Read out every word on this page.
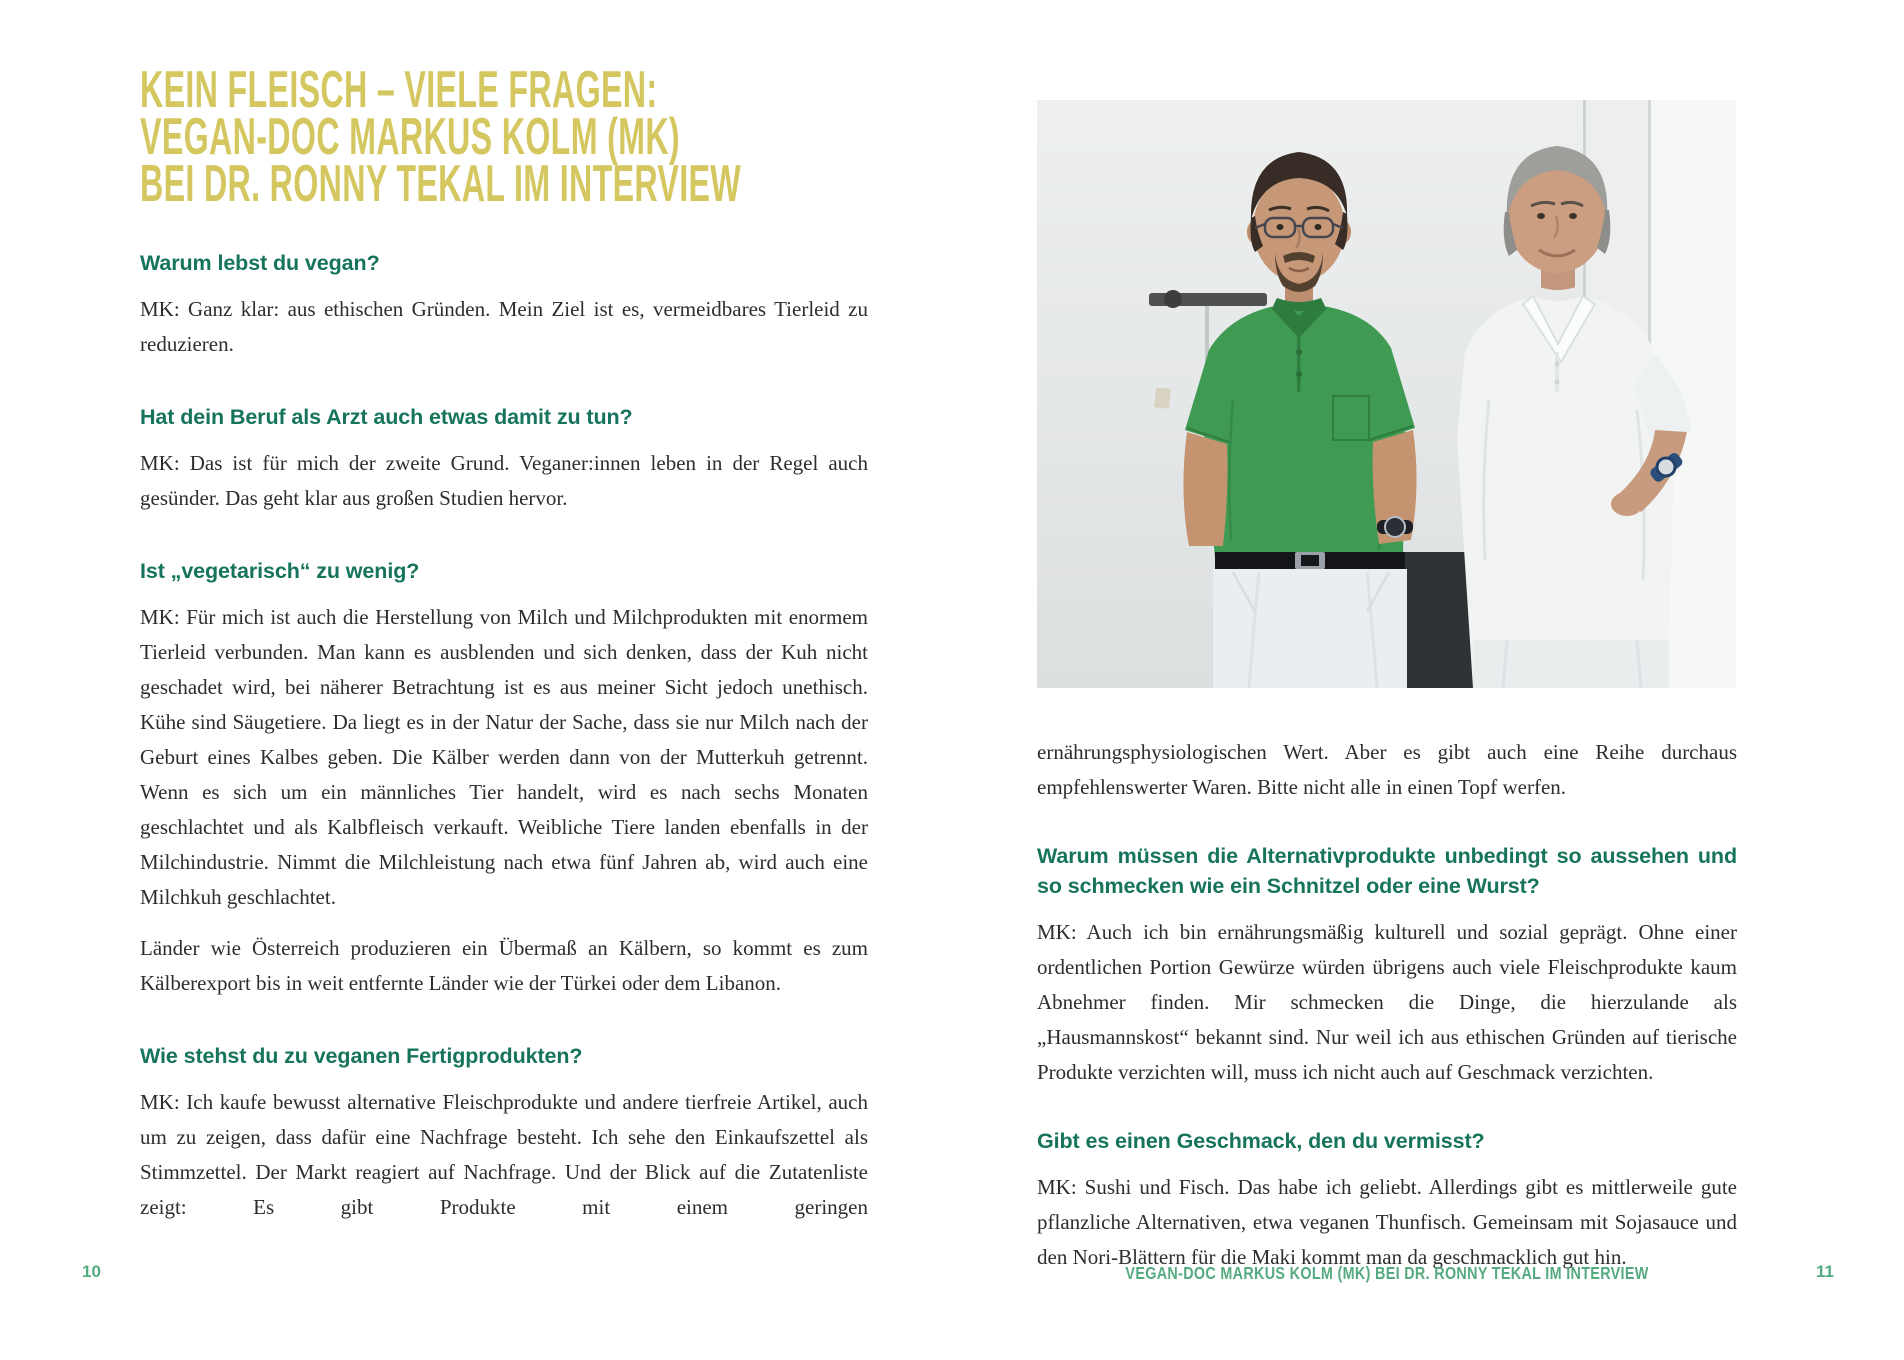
KEIN FLEISCH – VIELE FRAGEN:
VEGAN-DOC MARKUS KOLM (MK)
BEI DR. RONNY TEKAL IM INTERVIEW
Warum lebst du vegan?
MK: Ganz klar: aus ethischen Gründen. Mein Ziel ist es, vermeidbares Tierleid zu reduzieren.
Hat dein Beruf als Arzt auch etwas damit zu tun?
MK: Das ist für mich der zweite Grund. Veganer:innen leben in der Regel auch gesünder. Das geht klar aus großen Studien hervor.
Ist „vegetarisch“ zu wenig?
MK: Für mich ist auch die Herstellung von Milch und Milchprodukten mit enormem Tierleid verbunden. Man kann es ausblenden und sich denken, dass der Kuh nicht geschadet wird, bei näherer Betrachtung ist es aus meiner Sicht jedoch unethisch. Kühe sind Säugetiere. Da liegt es in der Natur der Sache, dass sie nur Milch nach der Geburt eines Kalbes geben. Die Kälber werden dann von der Mutterkuh getrennt. Wenn es sich um ein männliches Tier handelt, wird es nach sechs Monaten geschlachtet und als Kalbfleisch verkauft. Weibliche Tiere landen ebenfalls in der Milchindustrie. Nimmt die Milchleistung nach etwa fünf Jahren ab, wird auch eine Milchkuh geschlachtet.
Länder wie Österreich produzieren ein Übermaß an Kälbern, so kommt es zum Kälberexport bis in weit entfernte Länder wie der Türkei oder dem Libanon.
Wie stehst du zu veganen Fertigprodukten?
MK: Ich kaufe bewusst alternative Fleischprodukte und andere tierfreie Artikel, auch um zu zeigen, dass dafür eine Nachfrage besteht. Ich sehe den Einkaufszettel als Stimmzettel. Der Markt reagiert auf Nachfrage. Und der Blick auf die Zutatenliste zeigt: Es gibt Produkte mit einem geringen
ernährungsphysiologischen Wert. Aber es gibt auch eine Reihe durchaus empfehlenswerter Waren. Bitte nicht alle in einen Topf werfen.
Warum müssen die Alternativprodukte unbedingt so aussehen und so schmecken wie ein Schnitzel oder eine Wurst?
MK: Auch ich bin ernährungsmäßig kulturell und sozial geprägt. Ohne einer ordentlichen Portion Gewürze würden übrigens auch viele Fleischprodukte kaum Abnehmer finden. Mir schmecken die Dinge, die hierzulande als „Hausmannskost“ bekannt sind. Nur weil ich aus ethischen Gründen auf tierische Produkte verzichten will, muss ich nicht auch auf Geschmack verzichten.
Gibt es einen Geschmack, den du vermisst?
MK: Sushi und Fisch. Das habe ich geliebt. Allerdings gibt es mittlerweile gute pflanzliche Alternativen, etwa veganen Thunfisch. Gemeinsam mit Sojasauce und den Nori-Blättern für die Maki kommt man da geschmacklich gut hin.
10	VEGAN-DOC MARKUS KOLM (MK) BEI DR. RONNY TEKAL IM INTERVIEW	11
